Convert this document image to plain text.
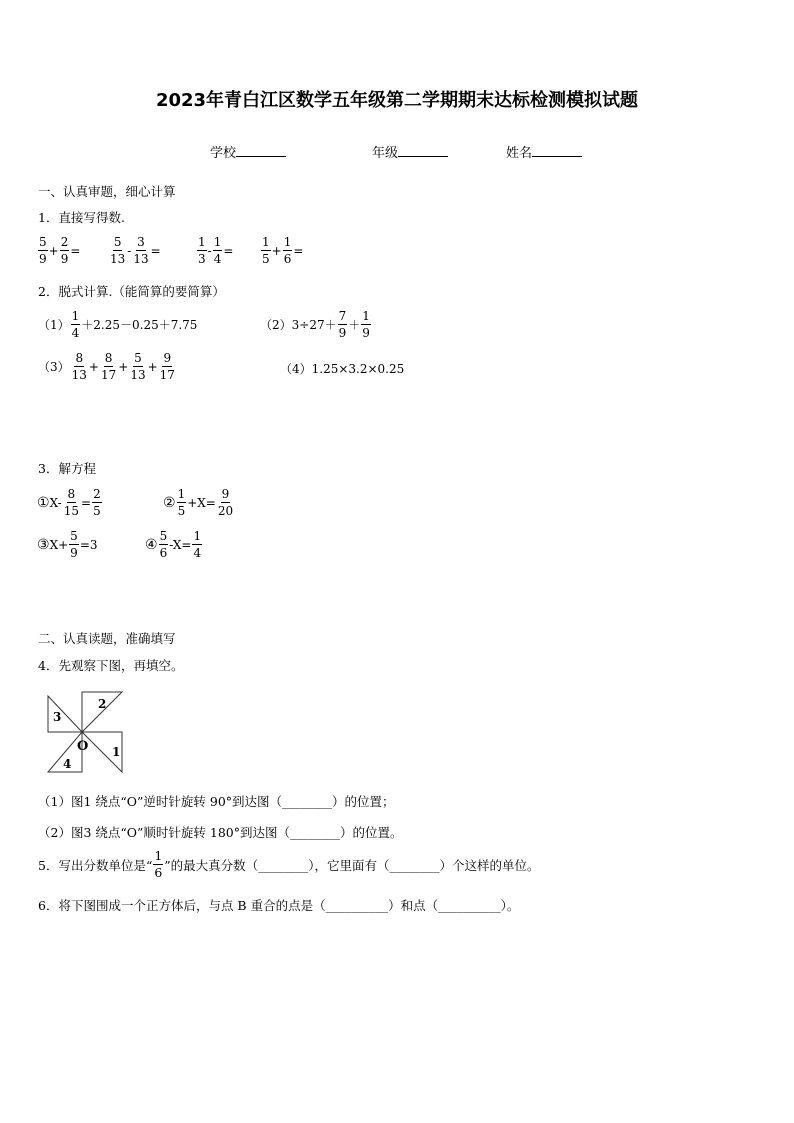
2023年青白江区数学五年级第二学期期末达标检测模拟试题
学校	年级	姓名
一、认真审题，细心计算
1．直接写得数.
$\frac{5}{9} + \frac{2}{9} = \frac{5}{13} - \frac{3}{13}$ =	$\frac{1}{3} - \frac{1}{4} = \frac{1}{5} + \frac{1}{6}$ =
2．脱式计算.（能简算的要简算）
$(1) \frac{1}{4} +2.25-0.25+7.75$	$(2)3\div 27+ \frac{7}{9} + \frac{1}{9}$
$(3) \frac{8}{13} + \frac{8}{17} + \frac{5}{13} + \frac{9}{17}$	（4）1.25×3.2×0.25
3．解方程
① $X- \frac{8}{15} = \frac{2}{5}$	② $\frac{1}{5} +X= \frac{9}{20}$
③ $X+ \frac{5}{9} =3$	④ $\frac{5}{6} -X= \frac{1}{4}$
二、认真读题，准确填写
4．先观察下图，再填空。
3
2
1
4
O
（1）图1 绕点“O”逆时针旋转 90°到达图（________）的位置；
（2）图3 绕点“O”顺时针旋转 180°到达图（________）的位置。
5．写出分数单位是“ $\frac{1}{6}$ ”的最大真分数（________），它里面有（________）个这样的单位。
6．将下图围成一个正方体后，与点 B 重合的点是（__________）和点（__________）。
